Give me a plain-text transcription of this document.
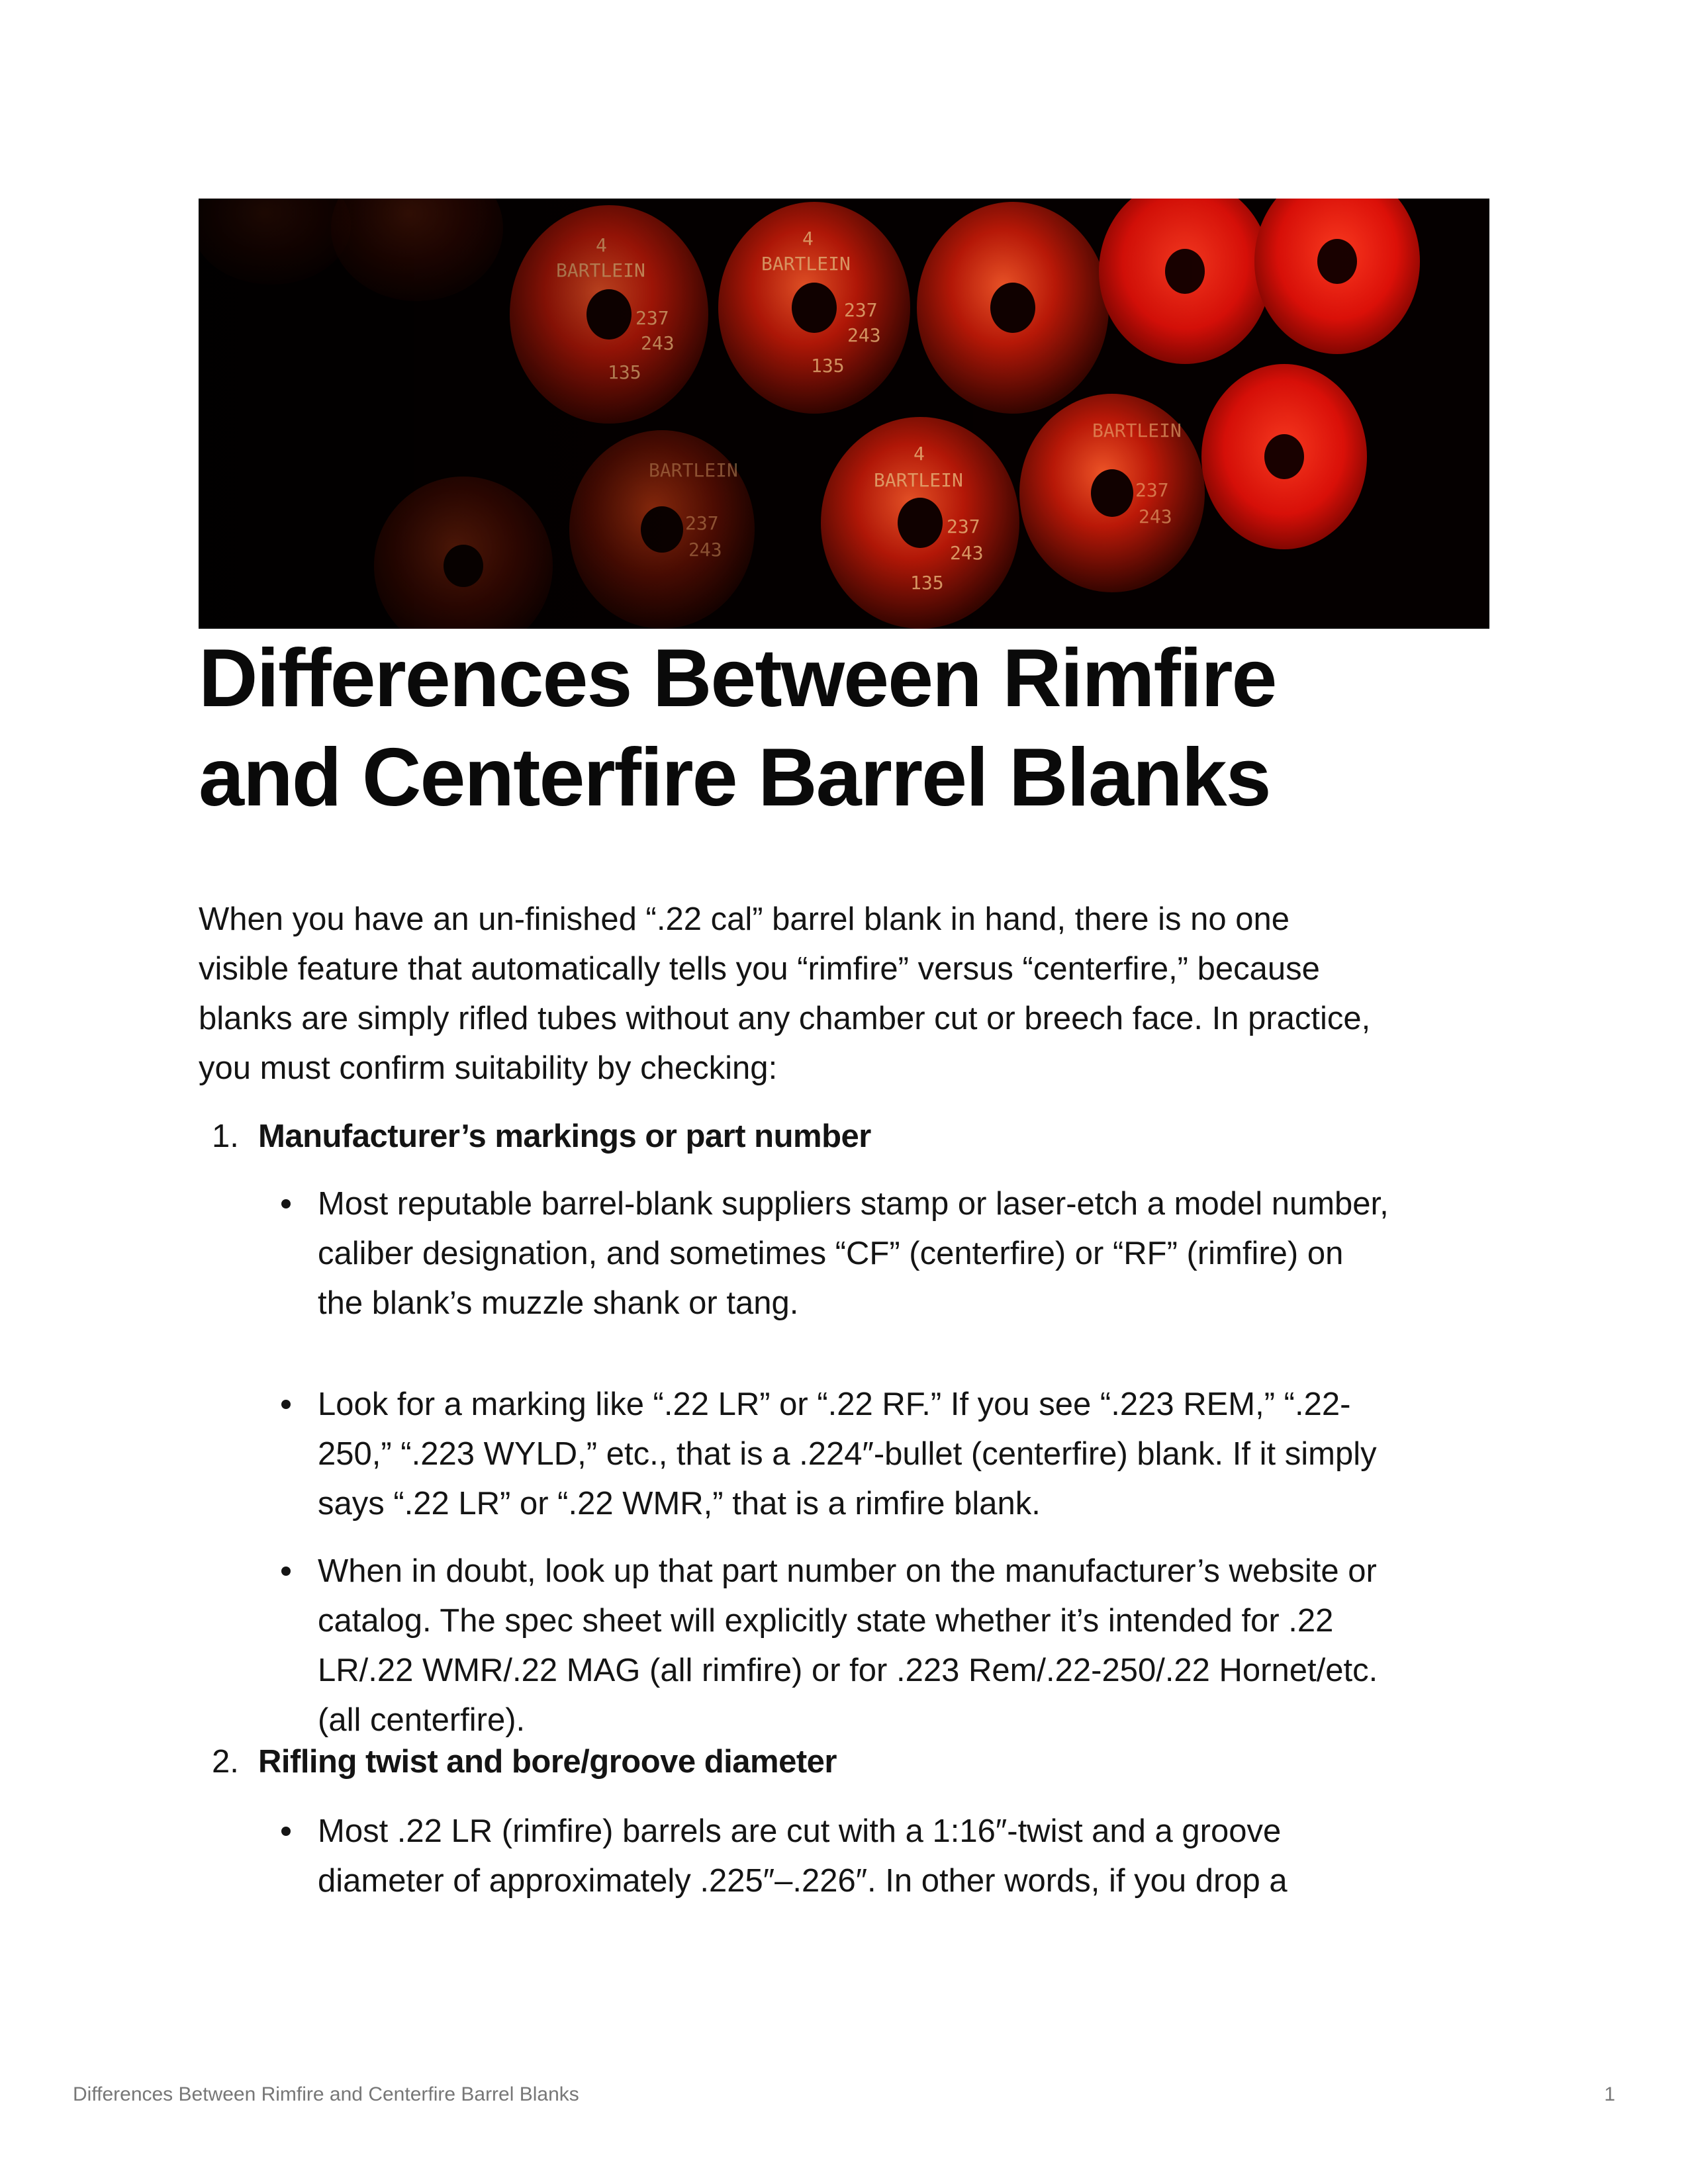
Differences Between Rimfire
and Centerfire Barrel Blanks

When you have an un-finished “.22 cal” barrel blank in hand, there is no one
visible feature that automatically tells you “rimfire” versus “centerfire,” because
blanks are simply rifled tubes without any chamber cut or breech face. In practice,
you must confirm suitability by checking:

1. Manufacturer’s markings or part number
Most reputable barrel-blank suppliers stamp or laser-etch a model number,
caliber designation, and sometimes “CF” (centerfire) or “RF” (rimfire) on
the blank’s muzzle shank or tang.
Look for a marking like “.22 LR” or “.22 RF.” If you see “.223 REM,” “.22-
250,” “.223 WYLD,” etc., that is a .224″-bullet (centerfire) blank. If it simply
says “.22 LR” or “.22 WMR,” that is a rimfire blank.
When in doubt, look up that part number on the manufacturer’s website or
catalog. The spec sheet will explicitly state whether it’s intended for .22
LR/.22 WMR/.22 MAG (all rimfire) or for .223 Rem/.22-250/.22 Hornet/etc.
(all centerfire).
2. Rifling twist and bore/groove diameter
Most .22 LR (rimfire) barrels are cut with a 1:16″-twist and a groove
diameter of approximately .225″–.226″. In other words, if you drop a
Differences Between Rimfire and Centerfire Barrel Blanks	1
